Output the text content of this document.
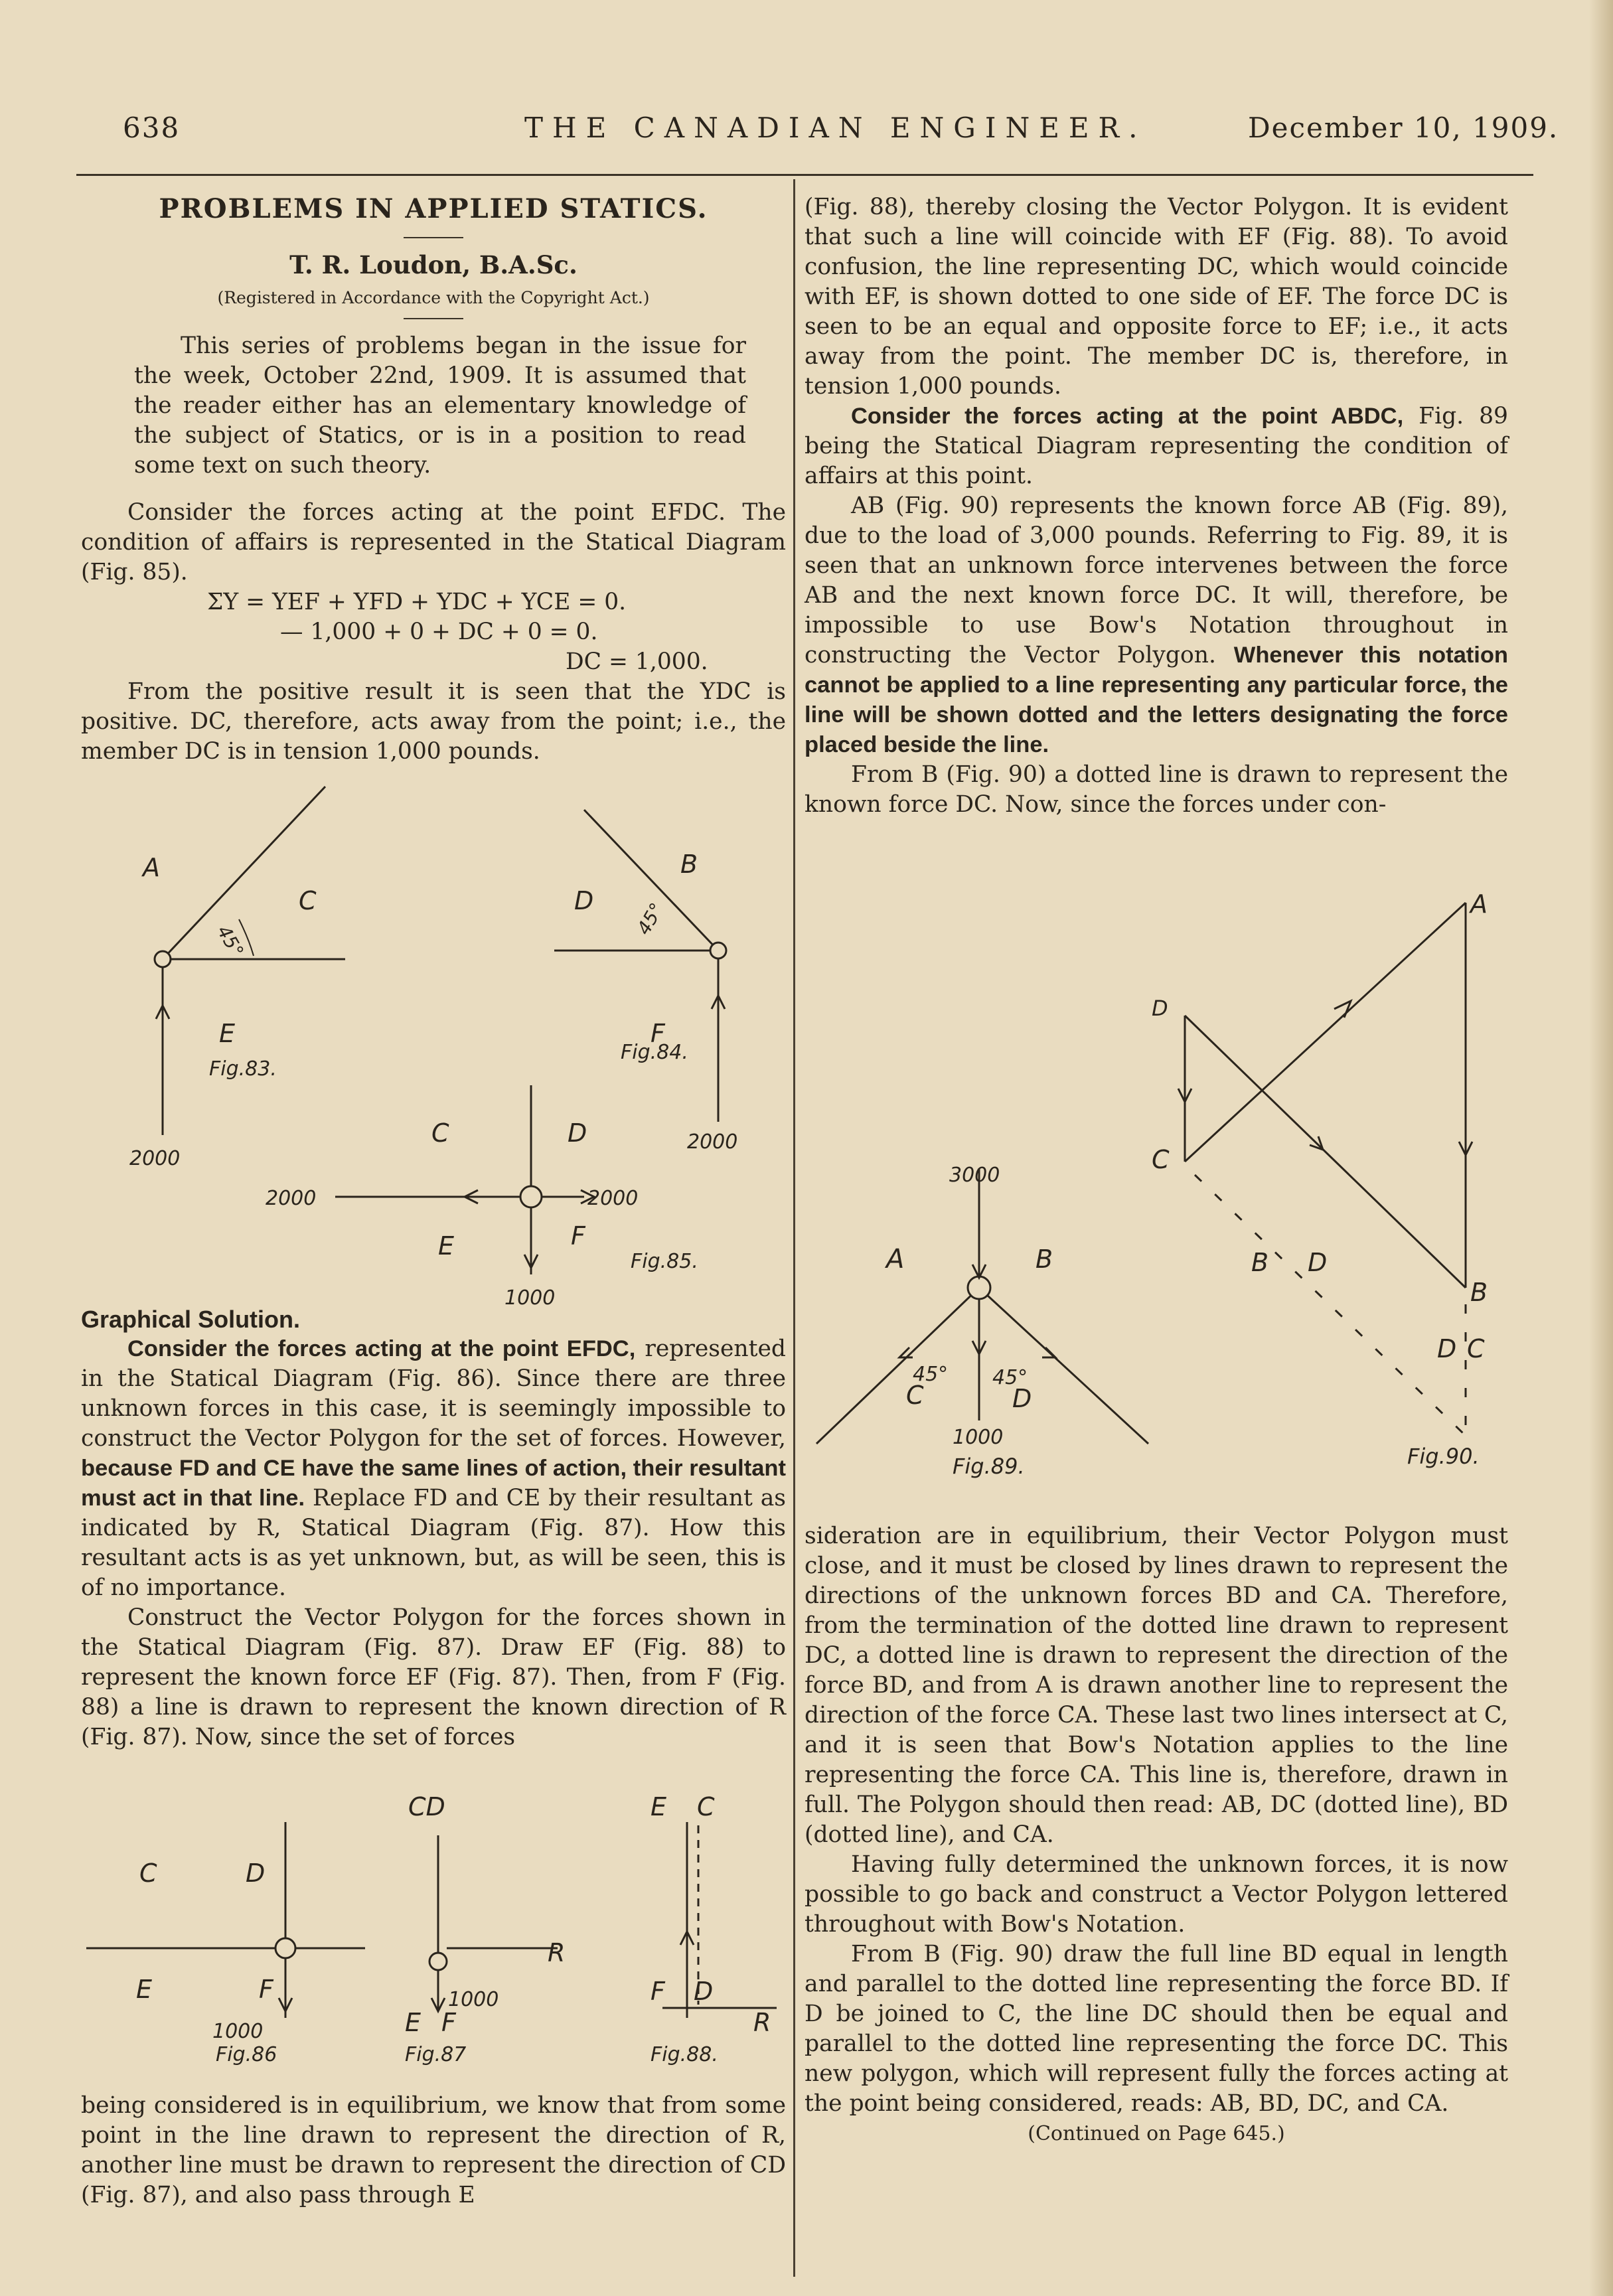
638	THE CANADIAN ENGINEER.	December 10, 1909.
PROBLEMS IN APPLIED STATICS.
T. R. Loudon, B.A.Sc.
(Registered in Accordance with the Copyright Act.)

This series of problems began in the issue for the week, October 22nd, 1909. It is assumed that the reader either has an elementary knowledge of the subject of Statics, or is in a position to read some text on such theory.

Consider the forces acting at the point EFDC. The condition of affairs is represented in the Statical Diagram (Fig. 85).

ΣY = YEF + YFD + YDC + YCE = 0.

— 1,000 + 0 + DC + 0 = 0.

DC = 1,000.

From the positive result it is seen that the YDC is positive. DC, therefore, acts away from the point; i.e., the member DC is in tension 1,000 pounds.

A
C
45°
E
Fig.83.
2000
B
D 45°
F
Fig.84.
2000
2000	2000
C	D
E	F
Fig.85.
1000

Graphical Solution.

Consider the forces acting at the point EFDC, represented in the Statical Diagram (Fig. 86). Since there are three unknown forces in this case, it is seemingly impossible to construct the Vector Polygon for the set of forces. However, because FD and CE have the same lines of action, their resultant must act in that line. Replace FD and CE by their resultant as indicated by R, Statical Diagram (Fig. 87). How this resultant acts is as yet unknown, but, as will be seen, this is of no importance.

Construct the Vector Polygon for the forces shown in the Statical Diagram (Fig. 87). Draw EF (Fig. 88) to represent the known force EF (Fig. 87). Then, from F (Fig. 88) a line is drawn to represent the known direction of R (Fig. 87). Now, since the set of forces

C	D
E	F
1000
Fig.86
CD
R
1000
E F
Fig.87
E C
F D
R
Fig.88.

being considered is in equilibrium, we know that from some point in the line drawn to represent the direction of R, another line must be drawn to represent the direction of CD (Fig. 87), and also pass through E

(Fig. 88), thereby closing the Vector Polygon. It is evident that such a line will coincide with EF (Fig. 88). To avoid confusion, the line representing DC, which would coincide with EF, is shown dotted to one side of EF. The force DC is seen to be an equal and opposite force to EF; i.e., it acts away from the point. The member DC is, therefore, in tension 1,000 pounds.

Consider the forces acting at the point ABDC, Fig. 89 being the Statical Diagram representing the condition of affairs at this point.

AB (Fig. 90) represents the known force AB (Fig. 89), due to the load of 3,000 pounds. Referring to Fig. 89, it is seen that an unknown force intervenes between the force AB and the next known force DC. It will, therefore, be impossible to use Bow's Notation throughout in constructing the Vector Polygon. Whenever this notation cannot be applied to a line representing any particular force, the line will be shown dotted and the letters designating the force placed beside the line.

From B (Fig. 90) a dotted line is drawn to represent the known force DC. Now, since the forces under con-

3000
A	B
C	D
45° 45°
1000
Fig.89.
A
D
C
B
B D
D C
Fig.90.

sideration are in equilibrium, their Vector Polygon must close, and it must be closed by lines drawn to represent the directions of the unknown forces BD and CA. Therefore, from the termination of the dotted line drawn to represent DC, a dotted line is drawn to represent the direction of the force BD, and from A is drawn another line to represent the direction of the force CA. These last two lines intersect at C, and it is seen that Bow's Notation applies to the line representing the force CA. This line is, therefore, drawn in full. The Polygon should then read: AB, DC (dotted line), BD (dotted line), and CA.

Having fully determined the unknown forces, it is now possible to go back and construct a Vector Polygon lettered throughout with Bow's Notation.

From B (Fig. 90) draw the full line BD equal in length and parallel to the dotted line representing the force BD. If D be joined to C, the line DC should then be equal and parallel to the dotted line representing the force DC. This new polygon, which will represent fully the forces acting at the point being considered, reads: AB, BD, DC, and CA.

(Continued on Page 645.)
